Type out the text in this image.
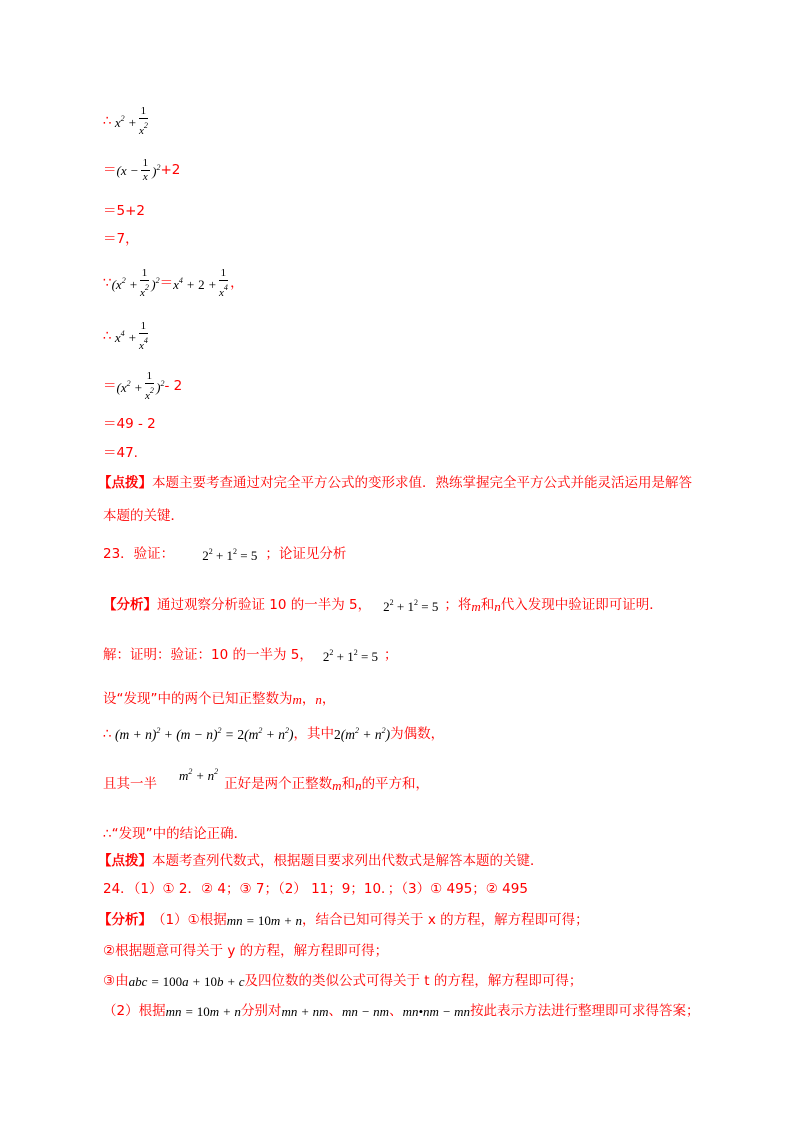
∴ $x^2 + \frac{1}{x^2}$
＝ $(x - \frac{1}{x} )^2 +2$
＝5+2
＝7，
∵ $(x^2 + \frac{1}{x^2} )^2 = x^4 + 2 + \frac{1}{x^4}$ ，
∴ $x^4 + \frac{1}{x^4}$
＝ $(x^2 + \frac{1}{x^2} )^2 - 2$
＝49 - 2
＝47.
【点拨】 本题主要考查通过对完全平方公式的变形求值．熟练掌握完全平方公式并能灵活运用是解答
本题的关键．
23．验证： $2^2 + 1^2 = 5$ ；论证见分析
【分析】 通过观察分析验证 10 的一半为 5， $2^2 + 1^2 = 5$ ；将 m 和 n 代入发现中验证即可证明．
解：证明：验证：10 的一半为 5， $2^2 + 1^2 = 5$ ；
设“发现”中的两个已知正整数为 m ， n ，
∴ $(m + n)^2 + (m - n)^2 = 2(m^2 + n^2)$ ，其中 $2(m^2 + n^2)$ 为偶数，
且其一半
$m^2 + n^2$
正好是两个正整数 m 和 n 的平方和，
∴“发现”中的结论正确．
【点拨】 本题考查列代数式，根据题目要求列出代数式是解答本题的关键．
24．（1）① 2．② 4；③ 7；（2） 11；9；10．；（3）① 495；② 495
【分析】 （1）①根据 mn = 10m + n ，结合已知可得关于 x 的方程，解方程即可得；
②根据题意可得关于 y 的方程，解方程即可得；
③由 abc = 100a + 10b + c 及四位数的类似公式可得关于 t 的方程，解方程即可得；
（2）根据 mn = 10m + n 分别对 mn + nm 、 mn − nm 、 mn•nm − mn 按此表示方法进行整理即可求得答案；
